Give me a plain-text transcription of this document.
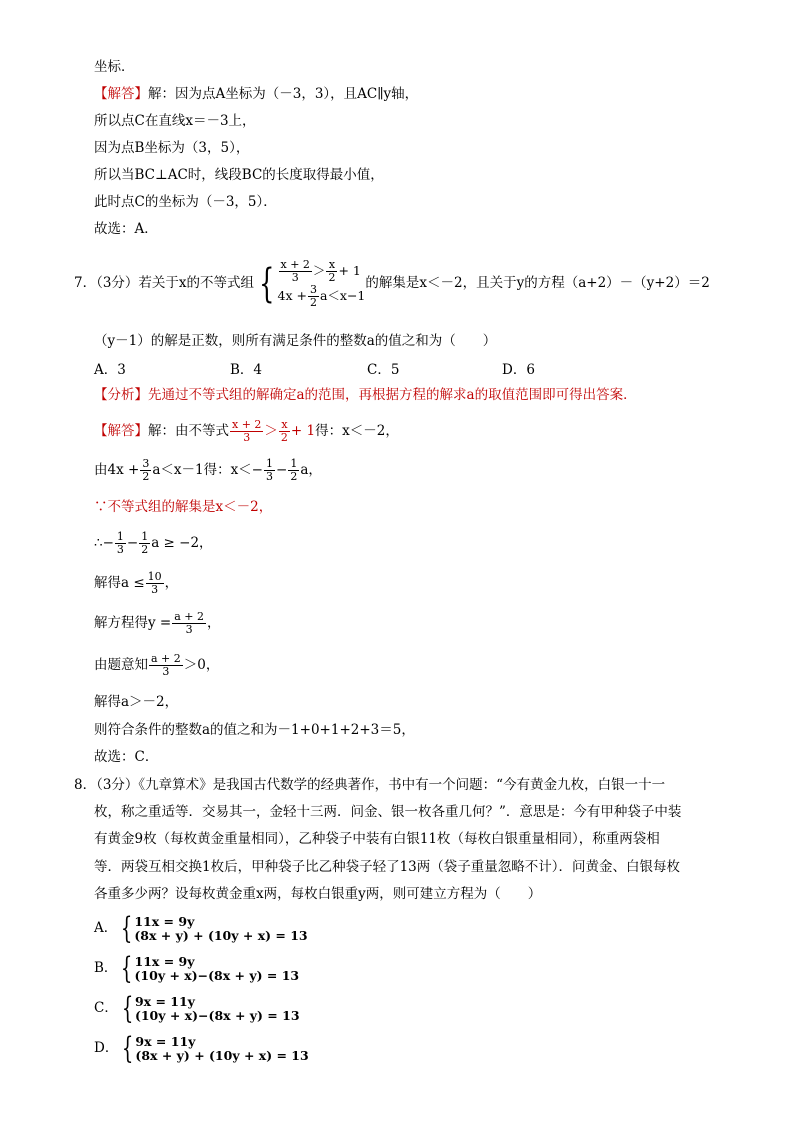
坐标．
【解答】解：因为点A坐标为（－3，3），且AC∥y轴，
所以点C在直线x＝－3上，
因为点B坐标为（3，5），
所以当BC⊥AC时，线段BC的长度取得最小值，
此时点C的坐标为（－3，5）．
故选：A．
7．（3分）若关于x的不等式组 { $\frac{x + 2}{3} > \frac{x}{2} + 1$
$4x + \frac{3}{2} a<x-1$
的解集是x＜－2，且关于y的方程（a+2）－（y+2）＝2
（y－1）的解是正数，则所有满足条件的整数a的值之和为（　　）
A．3	B．4	C．5	D．6
【分析】先通过不等式组的解确定a的范围，再根据方程的解求a的取值范围即可得出答案．
【解答】解：由不等式 $\frac{x + 2}{3} > \frac{x}{2} + 1$得：x＜－2，
由$4x + \frac{3}{2} a<x-1$得：$x<- \frac{1}{3} - \frac{1}{2}$ a，
∵不等式组的解集是x＜－2，
∴− $\frac{1}{3} - \frac{1}{2}$ a ≥ −2，
解得$a \le \frac{10}{3}$ ，
解方程得$y = \frac{a + 2}{3}$ ，
由题意知 $\frac{a + 2}{3} >0$，
解得a＞－2，
则符合条件的整数a的值之和为－1+0+1+2+3＝5，
故选：C．
8．（3分）《九章算术》是我国古代数学的经典著作，书中有一个问题：“今有黄金九枚，白银一十一
枚，称之重适等．交易其一，金轻十三两．问金、银一枚各重几何？”．意思是：今有甲种袋子中装
有黄金9枚（每枚黄金重量相同），乙种袋子中装有白银11枚（每枚白银重量相同），称重两袋相
等．两袋互相交换1枚后，甲种袋子比乙种袋子轻了13两（袋子重量忽略不计）．问黄金、白银每枚
各重多少两？设每枚黄金重x两，每枚白银重y两，则可建立方程为（　　）
A． { 11x = 9y
(8x + y) + (10y + x) = 13
B． { 11x = 9y
(10y + x)−(8x + y) = 13
C． { 9x = 11y
(10y + x)−(8x + y) = 13
D． { 9x = 11y
(8x + y) + (10y + x) = 13
